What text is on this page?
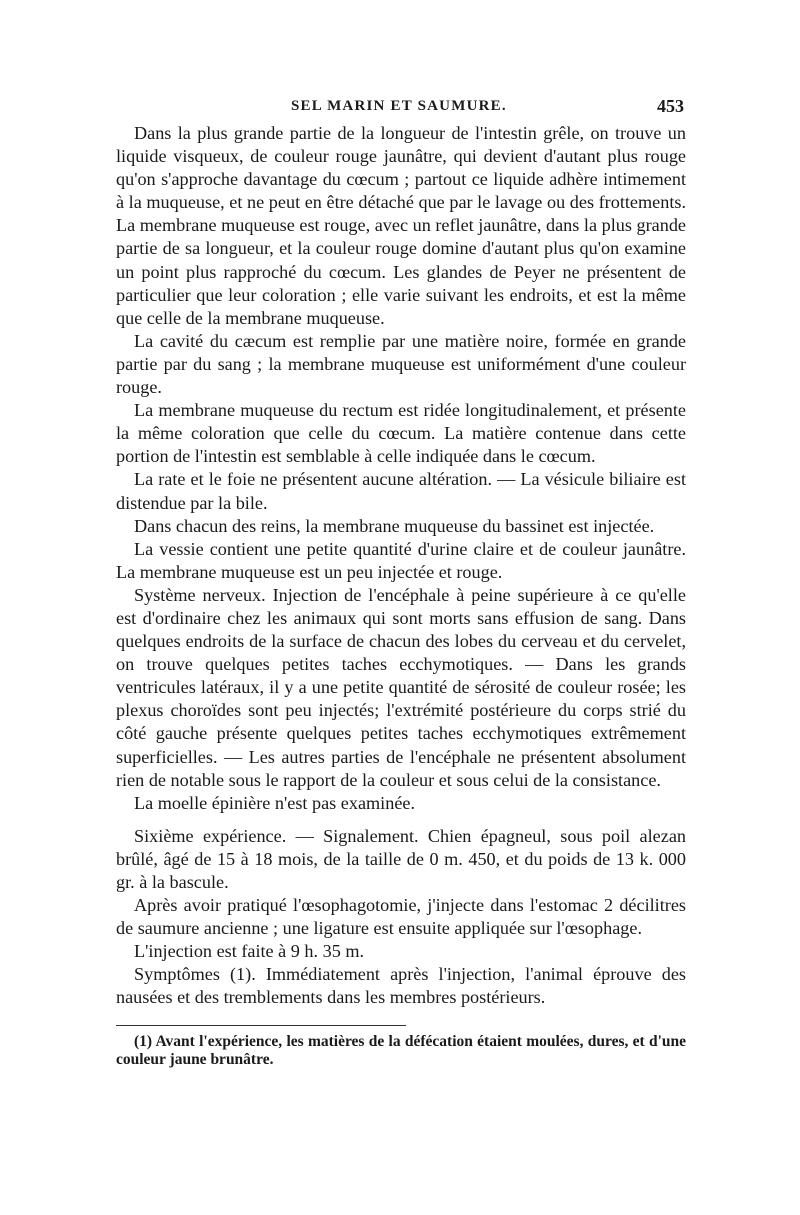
SEL MARIN ET SAUMURE.	453

Dans la plus grande partie de la longueur de l'intestin grêle, on trouve un liquide visqueux, de couleur rouge jaunâtre, qui devient d'autant plus rouge qu'on s'approche davantage du cœcum ; partout ce liquide adhère intimement à la muqueuse, et ne peut en être détaché que par le lavage ou des frottements. La membrane muqueuse est rouge, avec un reflet jaunâtre, dans la plus grande partie de sa longueur, et la couleur rouge domine d'autant plus qu'on examine un point plus rapproché du cœcum. Les glandes de Peyer ne présentent de particulier que leur coloration ; elle varie suivant les endroits, et est la même que celle de la membrane muqueuse.

La cavité du cæcum est remplie par une matière noire, formée en grande partie par du sang ; la membrane muqueuse est uniformément d'une couleur rouge.

La membrane muqueuse du rectum est ridée longitudinalement, et présente la même coloration que celle du cœcum. La matière contenue dans cette portion de l'intestin est semblable à celle indiquée dans le cœcum.

La rate et le foie ne présentent aucune altération. — La vésicule biliaire est distendue par la bile.

Dans chacun des reins, la membrane muqueuse du bassinet est injectée.

La vessie contient une petite quantité d'urine claire et de couleur jaunâtre. La membrane muqueuse est un peu injectée et rouge.

Système nerveux. Injection de l'encéphale à peine supérieure à ce qu'elle est d'ordinaire chez les animaux qui sont morts sans effusion de sang. Dans quelques endroits de la surface de chacun des lobes du cerveau et du cervelet, on trouve quelques petites taches ecchymotiques. — Dans les grands ventricules latéraux, il y a une petite quantité de sérosité de couleur rosée; les plexus choroïdes sont peu injectés; l'extrémité postérieure du corps strié du côté gauche présente quelques petites taches ecchymotiques extrêmement superficielles. — Les autres parties de l'encéphale ne présentent absolument rien de notable sous le rapport de la couleur et sous celui de la consistance.

La moelle épinière n'est pas examinée.

Sixième expérience. — Signalement. Chien épagneul, sous poil alezan brûlé, âgé de 15 à 18 mois, de la taille de 0 m. 450, et du poids de 13 k. 000 gr. à la bascule.

Après avoir pratiqué l'œsophagotomie, j'injecte dans l'estomac 2 décilitres de saumure ancienne ; une ligature est ensuite appliquée sur l'œsophage.

L'injection est faite à 9 h. 35 m.

Symptômes (1). Immédiatement après l'injection, l'animal éprouve des nausées et des tremblements dans les membres postérieurs.

(1) Avant l'expérience, les matières de la défécation étaient moulées, dures, et d'une couleur jaune brunâtre.
